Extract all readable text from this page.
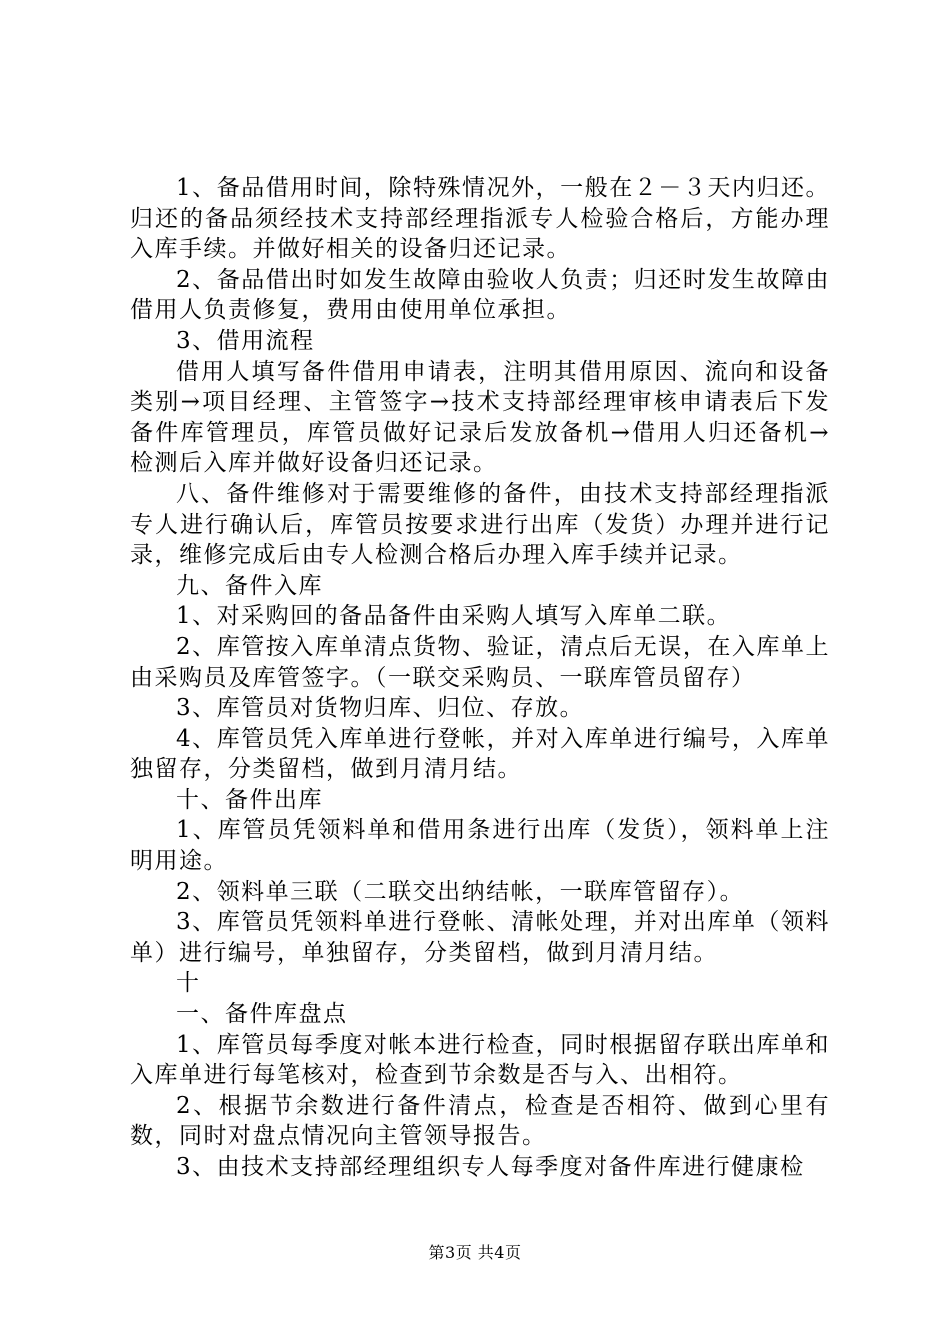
1、备品借用时间，除特殊情况外，一般在２－３天内归还。归还的备品须经技术支持部经理指派专人检验合格后，方能办理入库手续。并做好相关的设备归还记录。

2、备品借出时如发生故障由验收人负责；归还时发生故障由借用人负责修复，费用由使用单位承担。

3、借用流程

借用人填写备件借用申请表，注明其借用原因、流向和设备类别→项目经理、主管签字→技术支持部经理审核申请表后下发备件库管理员，库管员做好记录后发放备机→借用人归还备机→检测后入库并做好设备归还记录。

八、备件维修对于需要维修的备件，由技术支持部经理指派专人进行确认后，库管员按要求进行出库（发货）办理并进行记录，维修完成后由专人检测合格后办理入库手续并记录。

九、备件入库

1、对采购回的备品备件由采购人填写入库单二联。

2、库管按入库单清点货物、验证，清点后无误，在入库单上由采购员及库管签字。（一联交采购员、一联库管员留存）

3、库管员对货物归库、归位、存放。

4、库管员凭入库单进行登帐，并对入库单进行编号，入库单独留存，分类留档，做到月清月结。

十、备件出库

1、库管员凭领料单和借用条进行出库（发货），领料单上注明用途。

2、领料单三联（二联交出纳结帐，一联库管留存）。

3、库管员凭领料单进行登帐、清帐处理，并对出库单（领料单）进行编号，单独留存，分类留档，做到月清月结。

十

一、备件库盘点

1、库管员每季度对帐本进行检查，同时根据留存联出库单和入库单进行每笔核对，检查到节余数是否与入、出相符。

2、根据节余数进行备件清点，检查是否相符、做到心里有数，同时对盘点情况向主管领导报告。

3、由技术支持部经理组织专人每季度对备件库进行健康检

第3页 共4页
